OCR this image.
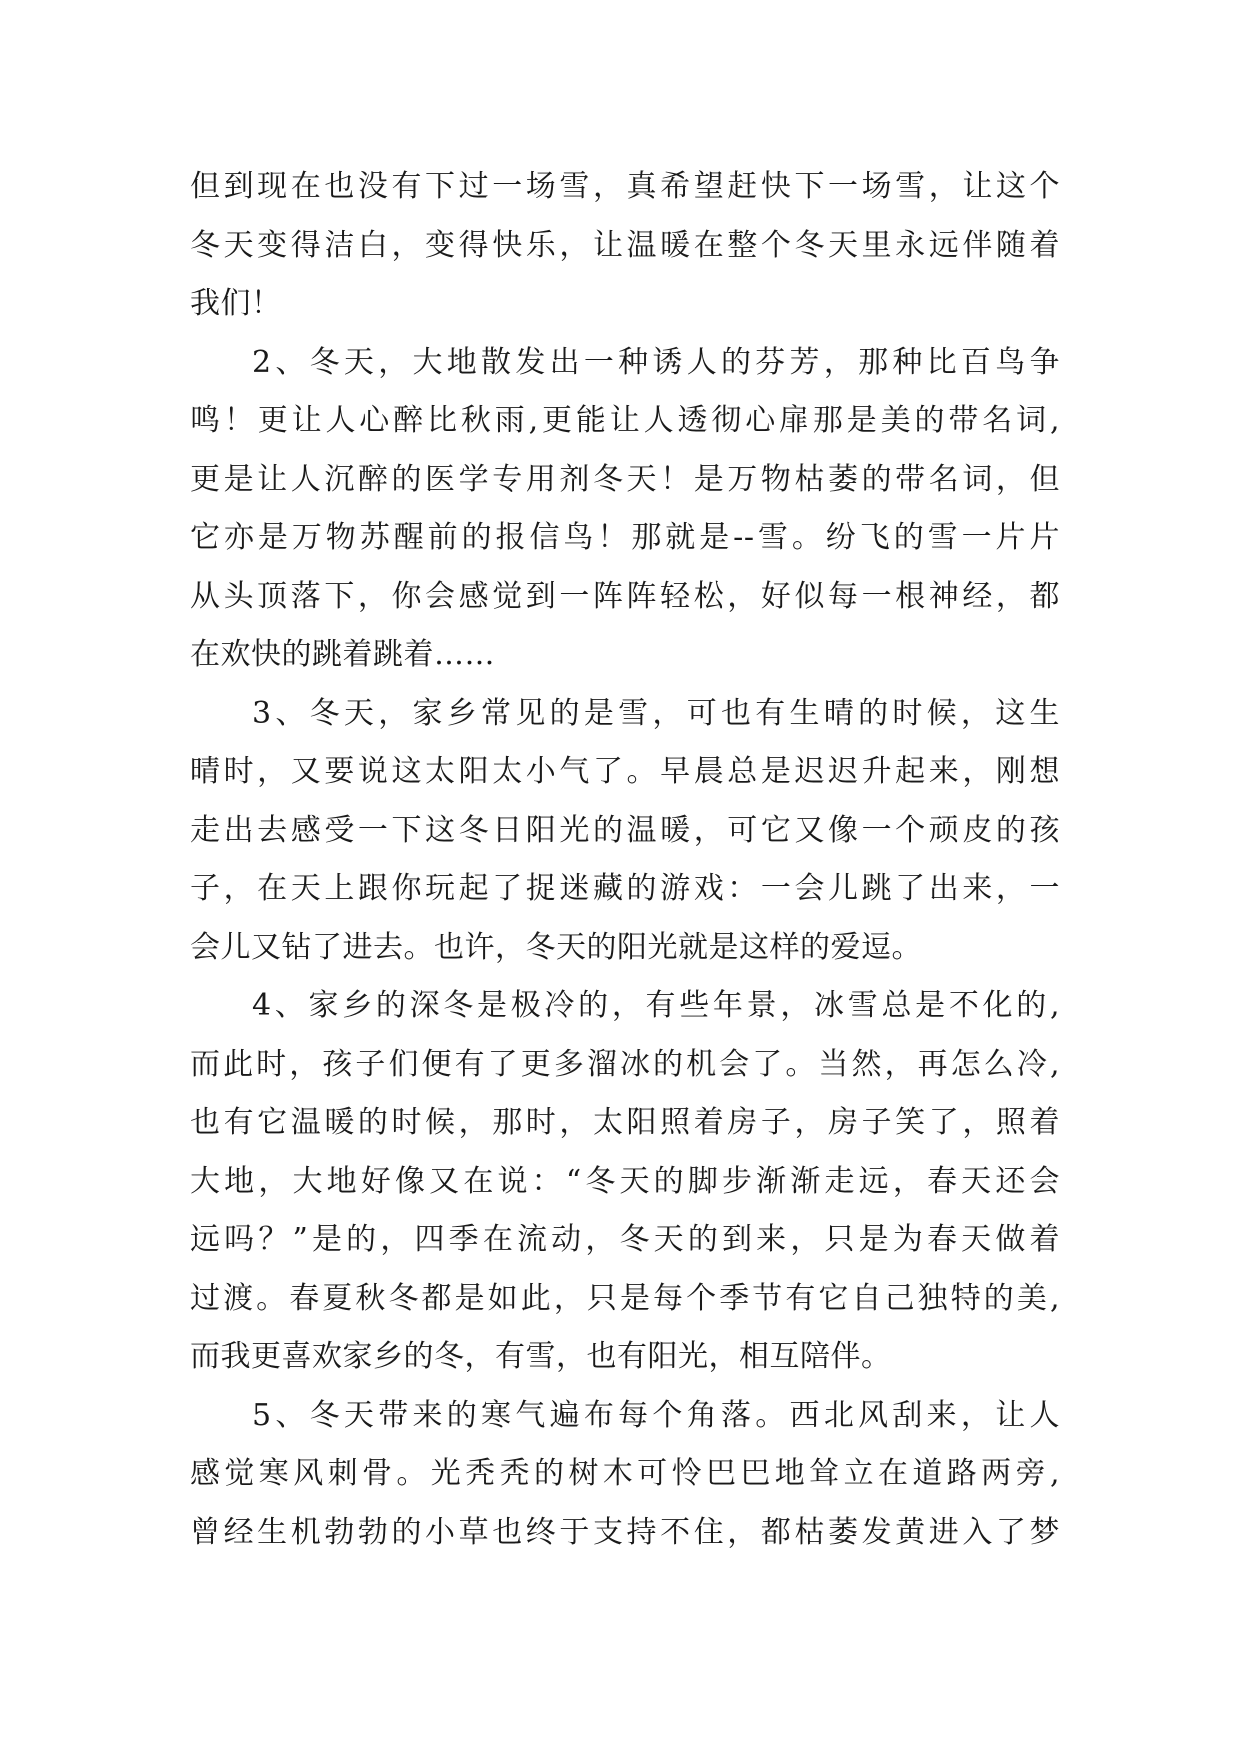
但到现在也没有下过一场雪，真希望赶快下一场雪，让这个
冬天变得洁白，变得快乐，让温暖在整个冬天里永远伴随着
我们！
2、冬天，大地散发出一种诱人的芬芳，那种比百鸟争
鸣！更让人心醉比秋雨,更能让人透彻心扉那是美的带名词,
更是让人沉醉的医学专用剂冬天！是万物枯萎的带名词，但
它亦是万物苏醒前的报信鸟！那就是--雪。纷飞的雪一片片
从头顶落下，你会感觉到一阵阵轻松，好似每一根神经，都
在欢快的跳着跳着……
3、冬天，家乡常见的是雪，可也有生晴的时候，这生
晴时，又要说这太阳太小气了。早晨总是迟迟升起来，刚想
走出去感受一下这冬日阳光的温暖，可它又像一个顽皮的孩
子，在天上跟你玩起了捉迷藏的游戏：一会儿跳了出来，一
会儿又钻了进去。也许，冬天的阳光就是这样的爱逗。
4、家乡的深冬是极冷的，有些年景，冰雪总是不化的,
而此时，孩子们便有了更多溜冰的机会了。当然，再怎么冷,
也有它温暖的时候，那时，太阳照着房子，房子笑了，照着
大地，大地好像又在说：“冬天的脚步渐渐走远，春天还会
远吗？”是的，四季在流动，冬天的到来，只是为春天做着
过渡。春夏秋冬都是如此，只是每个季节有它自己独特的美,
而我更喜欢家乡的冬，有雪，也有阳光，相互陪伴。
5、冬天带来的寒气遍布每个角落。西北风刮来，让人
感觉寒风刺骨。光秃秃的树木可怜巴巴地耸立在道路两旁,
曾经生机勃勃的小草也终于支持不住，都枯萎发黄进入了梦
